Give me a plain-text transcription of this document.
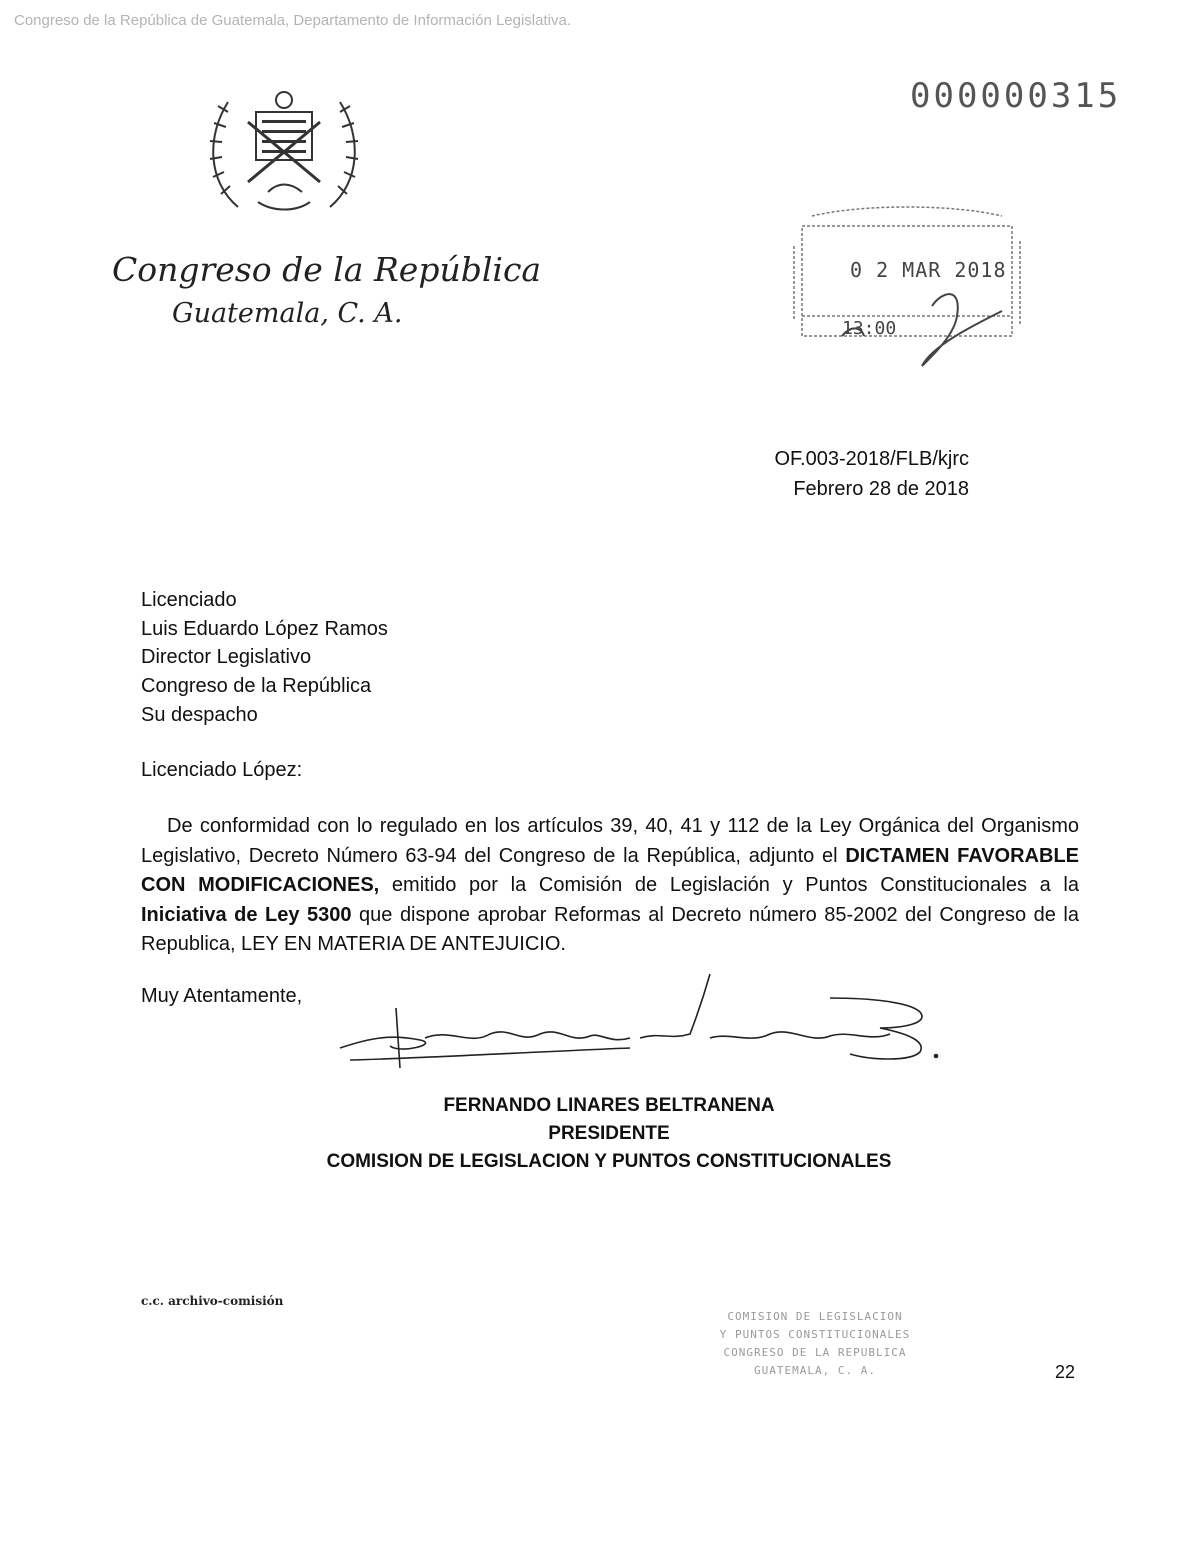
Congreso de la República de Guatemala, Departamento de Información Legislativa.
000000315
Congreso de la República
Guatemala, C. A.
0 2 MAR 2018
13:00
OF.003-2018/FLB/kjrc
Febrero 28 de 2018
Licenciado
Luis Eduardo López Ramos
Director Legislativo
Congreso de la República
Su despacho
Licenciado López:
De conformidad con lo regulado en los artículos 39, 40, 41 y 112 de la Ley Orgánica del Organismo Legislativo, Decreto Número 63-94 del Congreso de la República, adjunto el DICTAMEN FAVORABLE CON MODIFICACIONES, emitido por la Comisión de Legislación y Puntos Constitucionales a la Iniciativa de Ley 5300 que dispone aprobar Reformas al Decreto número 85-2002 del Congreso de la Republica, LEY EN MATERIA DE ANTEJUICIO.
Muy Atentamente,
FERNANDO LINARES BELTRANENA
PRESIDENTE
COMISION DE LEGISLACION Y PUNTOS CONSTITUCIONALES
c.c. archivo-comisión
COMISION DE LEGISLACION
Y PUNTOS CONSTITUCIONALES
CONGRESO DE LA REPUBLICA
GUATEMALA, C. A.	22
